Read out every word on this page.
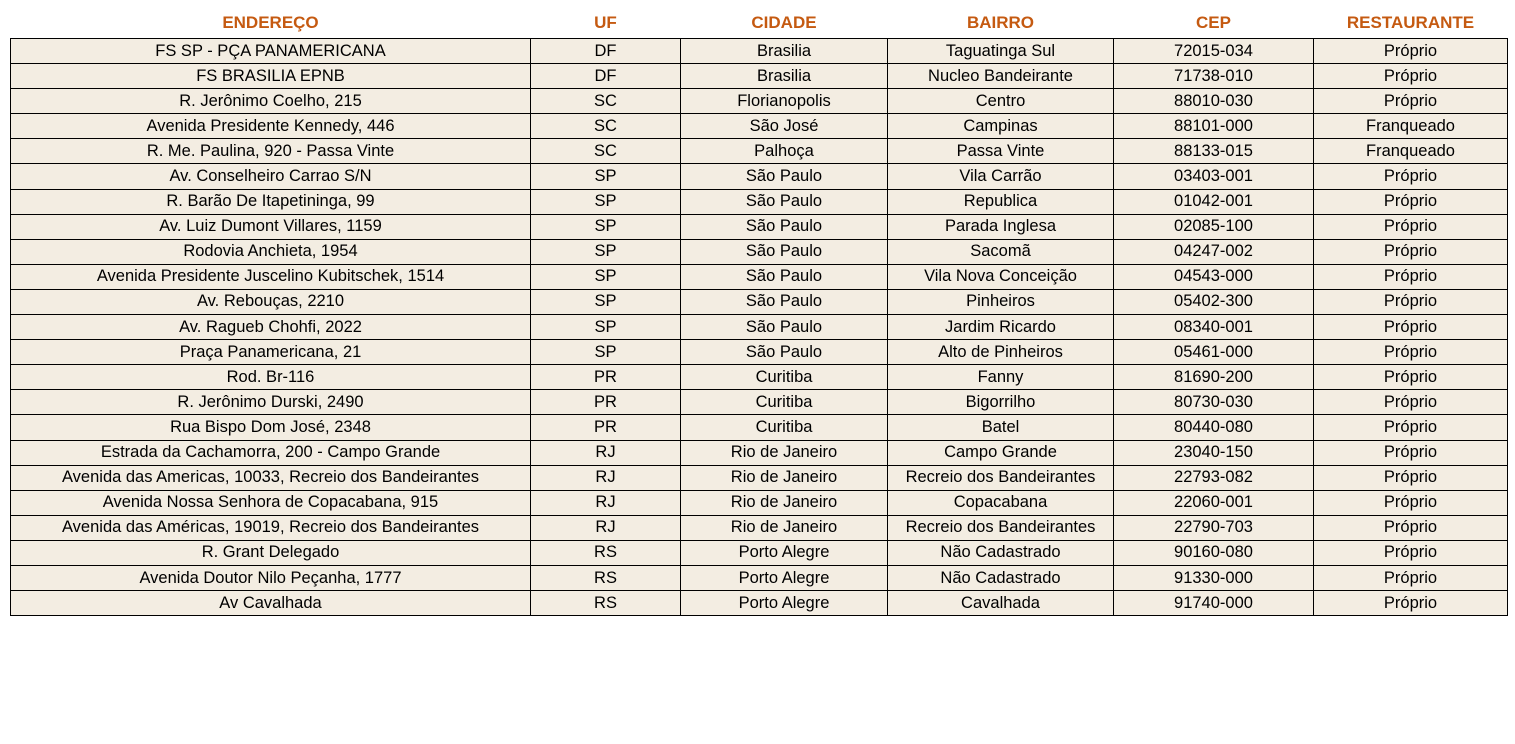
ENDEREÇO	UF	CIDADE	BAIRRO	CEP	RESTAURANTE
FS SP - PÇA PANAMERICANA	DF	Brasilia	Taguatinga Sul	72015-034	Próprio
FS BRASILIA EPNB	DF	Brasilia	Nucleo Bandeirante	71738-010	Próprio
R. Jerônimo Coelho, 215	SC	Florianopolis	Centro	88010-030	Próprio
Avenida Presidente Kennedy, 446	SC	São José	Campinas	88101-000	Franqueado
R. Me. Paulina, 920 - Passa Vinte	SC	Palhoça	Passa Vinte	88133-015	Franqueado
Av. Conselheiro Carrao S/N	SP	São Paulo	Vila Carrão	03403-001	Próprio
R. Barão De Itapetininga, 99	SP	São Paulo	Republica	01042-001	Próprio
Av. Luiz Dumont Villares, 1159	SP	São Paulo	Parada Inglesa	02085-100	Próprio
Rodovia Anchieta, 1954	SP	São Paulo	Sacomã	04247-002	Próprio
Avenida Presidente Juscelino Kubitschek, 1514	SP	São Paulo	Vila Nova Conceição	04543-000	Próprio
Av. Rebouças, 2210	SP	São Paulo	Pinheiros	05402-300	Próprio
Av. Ragueb Chohfi, 2022	SP	São Paulo	Jardim Ricardo	08340-001	Próprio
Praça Panamericana, 21	SP	São Paulo	Alto de Pinheiros	05461-000	Próprio
Rod. Br-116	PR	Curitiba	Fanny	81690-200	Próprio
R. Jerônimo Durski, 2490	PR	Curitiba	Bigorrilho	80730-030	Próprio
Rua Bispo Dom José, 2348	PR	Curitiba	Batel	80440-080	Próprio
Estrada da Cachamorra, 200 - Campo Grande	RJ	Rio de Janeiro	Campo Grande	23040-150	Próprio
Avenida das Americas, 10033, Recreio dos Bandeirantes	RJ	Rio de Janeiro	Recreio dos Bandeirantes	22793-082	Próprio
Avenida Nossa Senhora de Copacabana, 915	RJ	Rio de Janeiro	Copacabana	22060-001	Próprio
Avenida das Américas, 19019, Recreio dos Bandeirantes	RJ	Rio de Janeiro	Recreio dos Bandeirantes	22790-703	Próprio
R. Grant Delegado	RS	Porto Alegre	Não Cadastrado	90160-080	Próprio
Avenida Doutor Nilo Peçanha, 1777	RS	Porto Alegre	Não Cadastrado	91330-000	Próprio
Av Cavalhada	RS	Porto Alegre	Cavalhada	91740-000	Próprio
